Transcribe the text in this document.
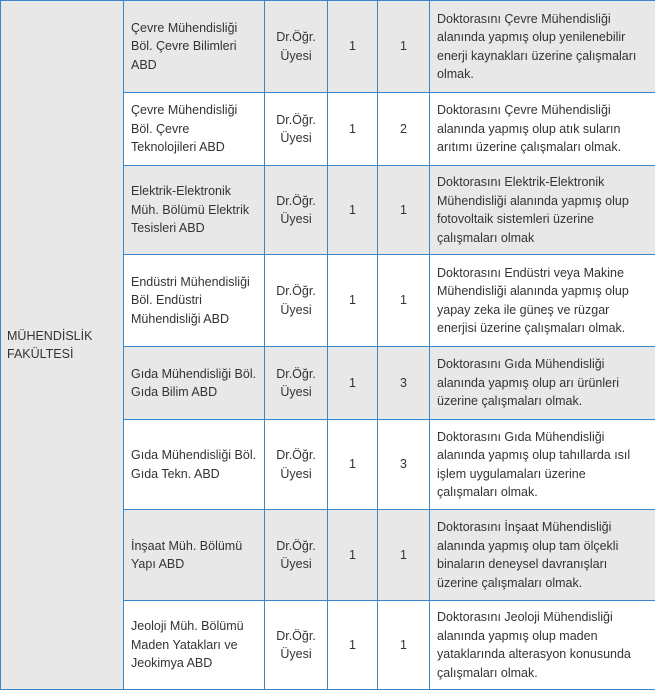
MÜHENDİSLİK FAKÜLTESİ	Çevre Mühendisliği Böl. Çevre Bilimleri ABD	Dr.Öğr. Üyesi	1	1	Doktorasını Çevre Mühendisliği alanında yapmış olup yenilenebilir enerji kaynakları üzerine çalışmaları olmak.
	Çevre Mühendisliği Böl. Çevre Teknolojileri ABD	Dr.Öğr. Üyesi	1	2	Doktorasını Çevre Mühendisliği alanında yapmış olup atık suların arıtımı üzerine çalışmaları olmak.
	Elektrik-Elektronik Müh. Bölümü Elektrik Tesisleri ABD	Dr.Öğr. Üyesi	1	1	Doktorasını Elektrik-Elektronik Mühendisliği alanında yapmış olup fotovoltaik sistemleri üzerine çalışmaları olmak
	Endüstri Mühendisliği Böl. Endüstri Mühendisliği ABD	Dr.Öğr. Üyesi	1	1	Doktorasını Endüstri veya Makine Mühendisliği alanında yapmış olup yapay zeka ile güneş ve rüzgar enerjisi üzerine çalışmaları olmak.
	Gıda Mühendisliği Böl. Gıda Bilim ABD	Dr.Öğr. Üyesi	1	3	Doktorasını Gıda Mühendisliği alanında yapmış olup arı ürünleri üzerine çalışmaları olmak.
	Gıda Mühendisliği Böl. Gıda Tekn. ABD	Dr.Öğr. Üyesi	1	3	Doktorasını Gıda Mühendisliği alanında yapmış olup tahıllarda ısıl işlem uygulamaları üzerine çalışmaları olmak.
	İnşaat Müh. Bölümü Yapı ABD	Dr.Öğr. Üyesi	1	1	Doktorasını İnşaat Mühendisliği alanında yapmış olup tam ölçekli binaların deneysel davranışları üzerine çalışmaları olmak.
	Jeoloji Müh. Bölümü Maden Yatakları ve Jeokimya ABD	Dr.Öğr. Üyesi	1	1	Doktorasını Jeoloji Mühendisliği alanında yapmış olup maden yataklarında alterasyon konusunda çalışmaları olmak.
